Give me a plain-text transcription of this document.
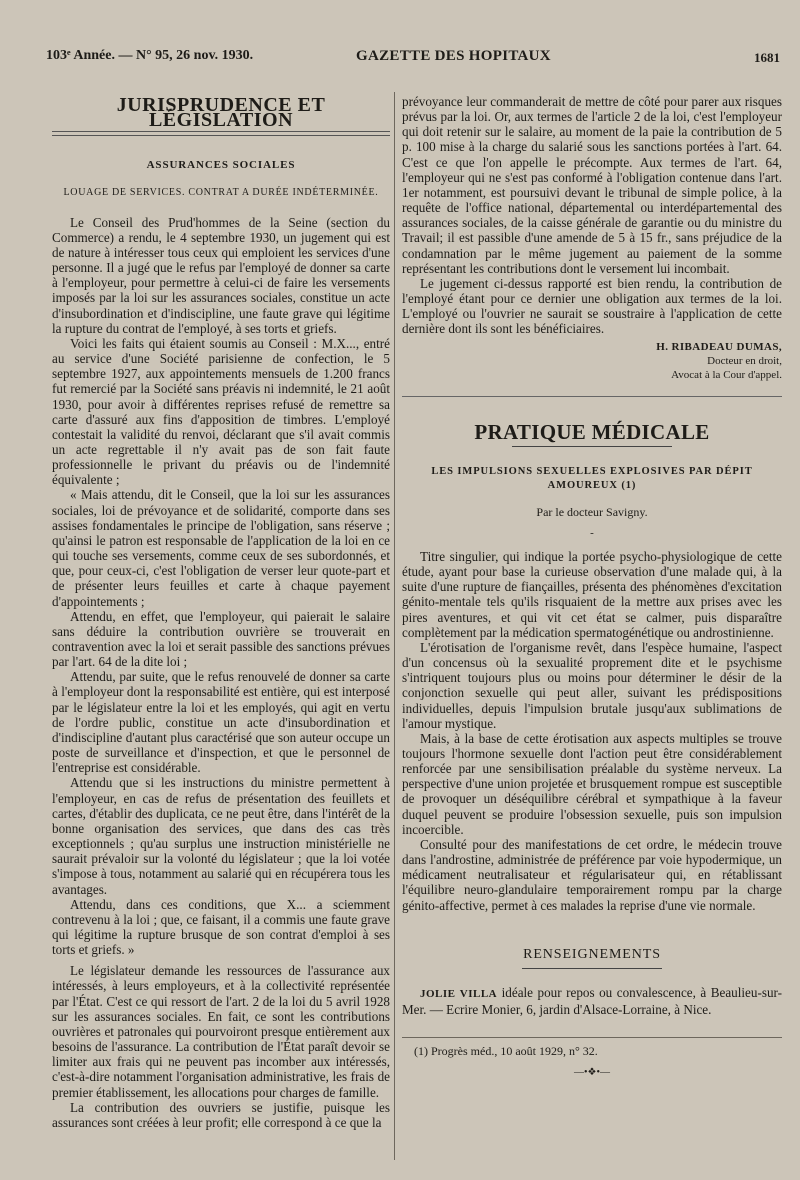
103ᵉ Année. — N° 95, 26 nov. 1930.	GAZETTE DES HOPITAUX	1681
JURISPRUDENCE ET LÉGISLATION
ASSURANCES SOCIALES
LOUAGE DE SERVICES. CONTRAT A DURÉE INDÉTERMINÉE.

Le Conseil des Prud'hommes de la Seine (section du Commerce) a rendu, le 4 septembre 1930, un jugement qui est de nature à intéresser tous ceux qui emploient les services d'une personne. Il a jugé que le refus par l'employé de donner sa carte à l'employeur, pour permettre à celui-ci de faire les versements imposés par la loi sur les assurances sociales, constitue un acte d'insubordination et d'indiscipline, une faute grave qui légitime la rupture du contrat de l'employé, à ses torts et griefs.

Voici les faits qui étaient soumis au Conseil : M.X..., entré au service d'une Société parisienne de confection, le 5 septembre 1927, aux appointements mensuels de 1.200 francs fut remercié par la Société sans préavis ni indemnité, le 21 août 1930, pour avoir à différentes reprises refusé de remettre sa carte d'assuré aux fins d'apposition de timbres. L'employé contestait la validité du renvoi, déclarant que s'il avait commis un acte regrettable il n'y avait pas de son fait faute professionnelle le privant du préavis ou de l'indemnité équivalente ;

« Mais attendu, dit le Conseil, que la loi sur les assurances sociales, loi de prévoyance et de solidarité, comporte dans ses assises fondamentales le principe de l'obligation, sans réserve ; qu'ainsi le patron est responsable de l'application de la loi en ce qui touche ses versements, comme ceux de ses subordonnés, et que, pour ceux-ci, c'est l'obligation de verser leur quote-part et de présenter leurs feuilles et carte à chaque payement d'appointements ;

Attendu, en effet, que l'employeur, qui paierait le salaire sans déduire la contribution ouvrière se trouverait en contravention avec la loi et serait passible des sanctions prévues par l'art. 64 de la dite loi ;

Attendu, par suite, que le refus renouvelé de donner sa carte à l'employeur dont la responsabilité est entière, qui est interposé par le législateur entre la loi et les employés, qui agit en vertu de l'ordre public, constitue un acte d'insubordination et d'indiscipline d'autant plus caractérisé que son auteur occupe un poste de surveillance et d'inspection, et que le personnel de l'entreprise est considérable.

Attendu que si les instructions du ministre permettent à l'employeur, en cas de refus de présentation des feuillets et cartes, d'établir des duplicata, ce ne peut être, dans l'intérêt de la bonne organisation des services, que dans des cas très exceptionnels ; qu'au surplus une instruction ministérielle ne saurait prévaloir sur la volonté du législateur ; que la loi votée s'impose à tous, notamment au salarié qui en récupérera tous les avantages.

Attendu, dans ces conditions, que X... a sciemment contrevenu à la loi ; que, ce faisant, il a commis une faute grave qui légitime la rupture brusque de son contrat d'emploi à ses torts et griefs. »

Le législateur demande les ressources de l'assurance aux intéressés, à leurs employeurs, et à la collectivité représentée par l'État. C'est ce qui ressort de l'art. 2 de la loi du 5 avril 1928 sur les assurances sociales. En fait, ce sont les contributions ouvrières et patronales qui pourvoiront presque entièrement aux besoins de l'assurance. La contribution de l'État paraît devoir se limiter aux frais qui ne peuvent pas incomber aux intéressés, c'est-à-dire notamment l'organisation administrative, les frais de premier établissement, les allocations pour charges de famille.

La contribution des ouvriers se justifie, puisque les assurances sont créées à leur profit; elle correspond à ce que la

prévoyance leur commanderait de mettre de côté pour parer aux risques prévus par la loi. Or, aux termes de l'article 2 de la loi, c'est l'employeur qui doit retenir sur le salaire, au moment de la paie la contribution de 5 p. 100 mise à la charge du salarié sous les sanctions portées à l'art. 64. C'est ce que l'on appelle le précompte. Aux termes de l'art. 64, l'employeur qui ne s'est pas conformé à l'obligation contenue dans l'art. 1er notamment, est poursuivi devant le tribunal de simple police, à la requête de l'office national, départemental ou interdépartemental des assurances sociales, de la caisse générale de garantie ou du ministre du Travail; il est passible d'une amende de 5 à 15 fr., sans préjudice de la condamnation par le même jugement au paiement de la somme représentant les contributions dont le versement lui incombait.

Le jugement ci-dessus rapporté est bien rendu, la contribution de l'employé étant pour ce dernier une obligation aux termes de la loi. L'employé ou l'ouvrier ne saurait se soustraire à l'application de cette dernière dont ils sont les bénéficiaires.

H. RIBADEAU DUMAS,
Docteur en droit,
Avocat à la Cour d'appel.
PRATIQUE MÉDICALE
LES IMPULSIONS SEXUELLES EXPLOSIVES PAR DÉPIT AMOUREUX (1)
Par le docteur Savigny.
-

Titre singulier, qui indique la portée psycho-physiologique de cette étude, ayant pour base la curieuse observation d'une malade qui, à la suite d'une rupture de fiançailles, présenta des phénomènes d'excitation génito-mentale tels qu'ils risquaient de la mettre aux prises avec les pires aventures, et qui vit cet état se calmer, puis disparaître complètement par la médication spermatogénétique ou androstinienne.

L'érotisation de l'organisme revêt, dans l'espèce humaine, l'aspect d'un concensus où la sexualité proprement dite et le psychisme s'intriquent toujours plus ou moins pour déterminer le désir de la conjonction sexuelle qui peut aller, suivant les prédispositions individuelles, depuis l'impulsion brutale jusqu'aux sublimations de l'amour mystique.

Mais, à la base de cette érotisation aux aspects multiples se trouve toujours l'hormone sexuelle dont l'action peut être considérablement renforcée par une sensibilisation préalable du système nerveux. La perspective d'une union projetée et brusquement rompue est susceptible de provoquer un déséquilibre cérébral et sympathique à la faveur duquel peuvent se produire l'obsession sexuelle, puis son impulsion incoercible.

Consulté pour des manifestations de cet ordre, le médecin trouve dans l'androstine, administrée de préférence par voie hypodermique, un médicament neutralisateur et régularisateur qui, en rétablissant l'équilibre neuro-glandulaire temporairement rompu par la charge génito-affective, permet à ces malades la reprise d'une vie normale.

RENSEIGNEMENTS

JOLIE VILLA idéale pour repos ou convalescence, à Beaulieu-sur-Mer. — Ecrire Monier, 6, jardin d'Alsace-Lorraine, à Nice.

(1) Progrès méd., 10 août 1929, n° 32.

—•❖•—
